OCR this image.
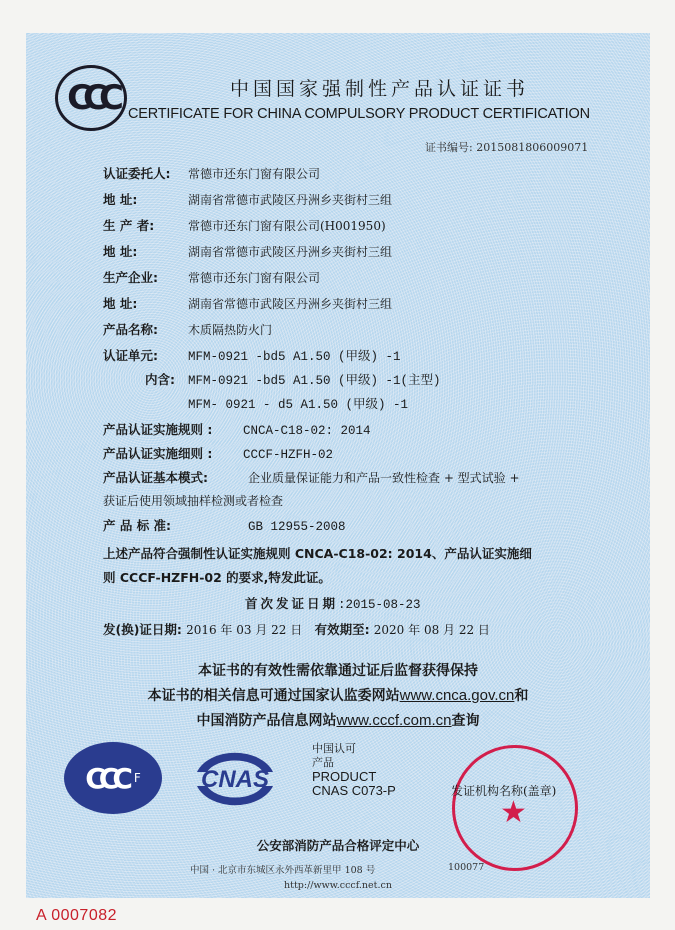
CCC	中国国家强制性产品认证证书
CERTIFICATE FOR CHINA COMPULSORY PRODUCT CERTIFICATION
证书编号: 2015081806009071
认证委托人: 常德市还东门窗有限公司
地 址:	湖南省常德市武陵区丹洲乡夹街村三组
生 产 者:	常德市还东门窗有限公司(H001950)
地 址:	湖南省常德市武陵区丹洲乡夹街村三组
生产企业:	常德市还东门窗有限公司
地 址:	湖南省常德市武陵区丹洲乡夹街村三组
产品名称:	木质隔热防火门
认证单元: MFM-0921 -bd5 A1.50 (甲级) -1
内含: MFM-0921 -bd5 A1.50 (甲级) -1(主型)
MFM- 0921 - d5 A1.50 (甲级) -1
产品认证实施规则 : CNCA-C18-02: 2014
产品认证实施细则 : CCCF-HZFH-02
产品认证基本模式:	企业质量保证能力和产品一致性检查 + 型式试验 +
获证后使用领域抽样检测或者检查
产 品 标 准:	GB 12955-2008
上述产品符合强制性认证实施规则 CNCA-C18-02: 2014、产品认证实施细
则 CCCF-HZFH-02 的要求,特发此证。
首次发证日期:2015-08-23
发(换)证日期: 2016 年 03 月 22 日 有效期至: 2020 年 08 月 22 日
本证书的有效性需依靠通过证后监督获得保持
本证书的相关信息可通过国家认监委网站www.cnca.gov.cn和
中国消防产品信息网站www.cccf.com.cn查询
CCC F	CNAS
中国认可
产品
PRODUCT
CNAS C073-P
★
发证机构名称(盖章)
公安部消防产品合格评定中心
中国 · 北京市东城区永外西革新里甲 108 号	100077
http://www.cccf.net.cn
A 0007082
